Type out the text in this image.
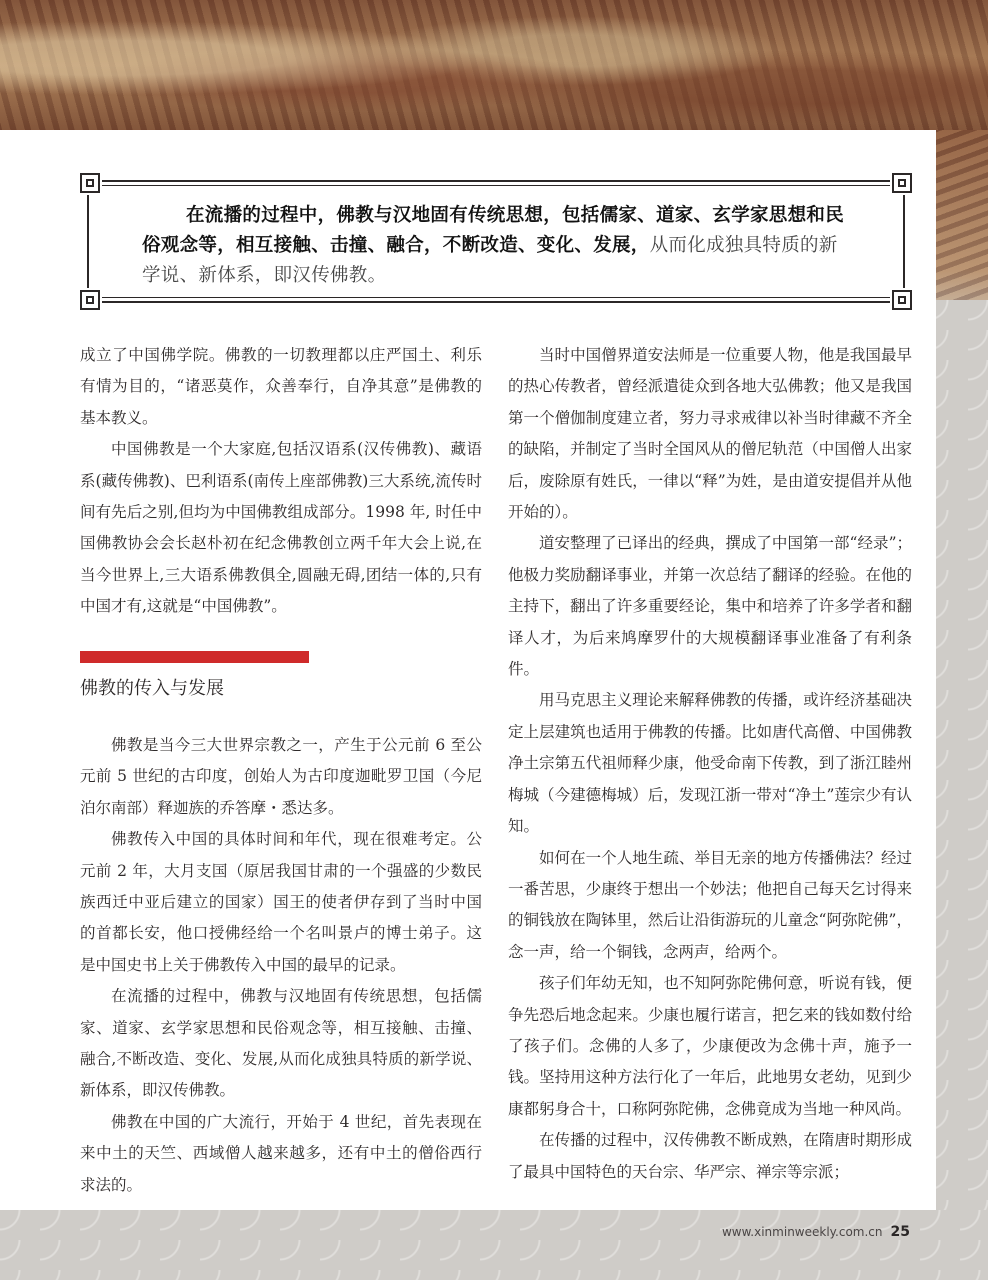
在流播的过程中，佛教与汉地固有传统思想，包括儒家、道家、玄学家思想和民俗观念等，相互接触、击撞、融合，不断改造、变化、发展，从而化成独具特质的新学说、新体系，即汉传佛教。

成立了中国佛学院。佛教的一切教理都以庄严国土、利乐有情为目的，“诸恶莫作，众善奉行，自净其意”是佛教的基本教义。

中国佛教是一个大家庭,包括汉语系(汉传佛教)、藏语系(藏传佛教)、巴利语系(南传上座部佛教)三大系统,流传时间有先后之别,但均为中国佛教组成部分。1998 年, 时任中国佛教协会会长赵朴初在纪念佛教创立两千年大会上说,在当今世界上,三大语系佛教俱全,圆融无碍,团结一体的,只有中国才有,这就是“中国佛教”。

佛教的传入与发展

佛教是当今三大世界宗教之一，产生于公元前 6 至公元前 5 世纪的古印度，创始人为古印度迦毗罗卫国（今尼泊尔南部）释迦族的乔答摩・悉达多。

佛教传入中国的具体时间和年代，现在很难考定。公元前 2 年，大月支国（原居我国甘肃的一个强盛的少数民族西迁中亚后建立的国家）国王的使者伊存到了当时中国的首都长安，他口授佛经给一个名叫景卢的博士弟子。这是中国史书上关于佛教传入中国的最早的记录。

在流播的过程中，佛教与汉地固有传统思想，包括儒家、道家、玄学家思想和民俗观念等，相互接触、击撞、融合,不断改造、变化、发展,从而化成独具特质的新学说、新体系，即汉传佛教。

佛教在中国的广大流行，开始于 4 世纪，首先表现在来中土的天竺、西域僧人越来越多，还有中土的僧俗西行求法的。

当时中国僧界道安法师是一位重要人物，他是我国最早的热心传教者，曾经派遣徒众到各地大弘佛教；他又是我国第一个僧伽制度建立者，努力寻求戒律以补当时律藏不齐全的缺陷，并制定了当时全国风从的僧尼轨范（中国僧人出家后，废除原有姓氏，一律以“释”为姓，是由道安提倡并从他开始的）。

道安整理了已译出的经典，撰成了中国第一部“经录”；他极力奖励翻译事业，并第一次总结了翻译的经验。在他的主持下，翻出了许多重要经论，集中和培养了许多学者和翻译人才，为后来鸠摩罗什的大规模翻译事业准备了有利条件。

用马克思主义理论来解释佛教的传播，或许经济基础决定上层建筑也适用于佛教的传播。比如唐代高僧、中国佛教净土宗第五代祖师释少康，他受命南下传教，到了浙江睦州梅城（今建德梅城）后，发现江浙一带对“净土”莲宗少有认知。

如何在一个人地生疏、举目无亲的地方传播佛法？经过一番苦思，少康终于想出一个妙法；他把自己每天乞讨得来的铜钱放在陶钵里，然后让沿街游玩的儿童念“阿弥陀佛”，念一声，给一个铜钱，念两声，给两个。

孩子们年幼无知，也不知阿弥陀佛何意，听说有钱，便争先恐后地念起来。少康也履行诺言，把乞来的钱如数付给了孩子们。念佛的人多了，少康便改为念佛十声，施予一钱。坚持用这种方法行化了一年后，此地男女老幼，见到少康都躬身合十，口称阿弥陀佛，念佛竟成为当地一种风尚。

在传播的过程中，汉传佛教不断成熟，在隋唐时期形成了最具中国特色的天台宗、华严宗、禅宗等宗派；

www.xinminweekly.com.cn 25
